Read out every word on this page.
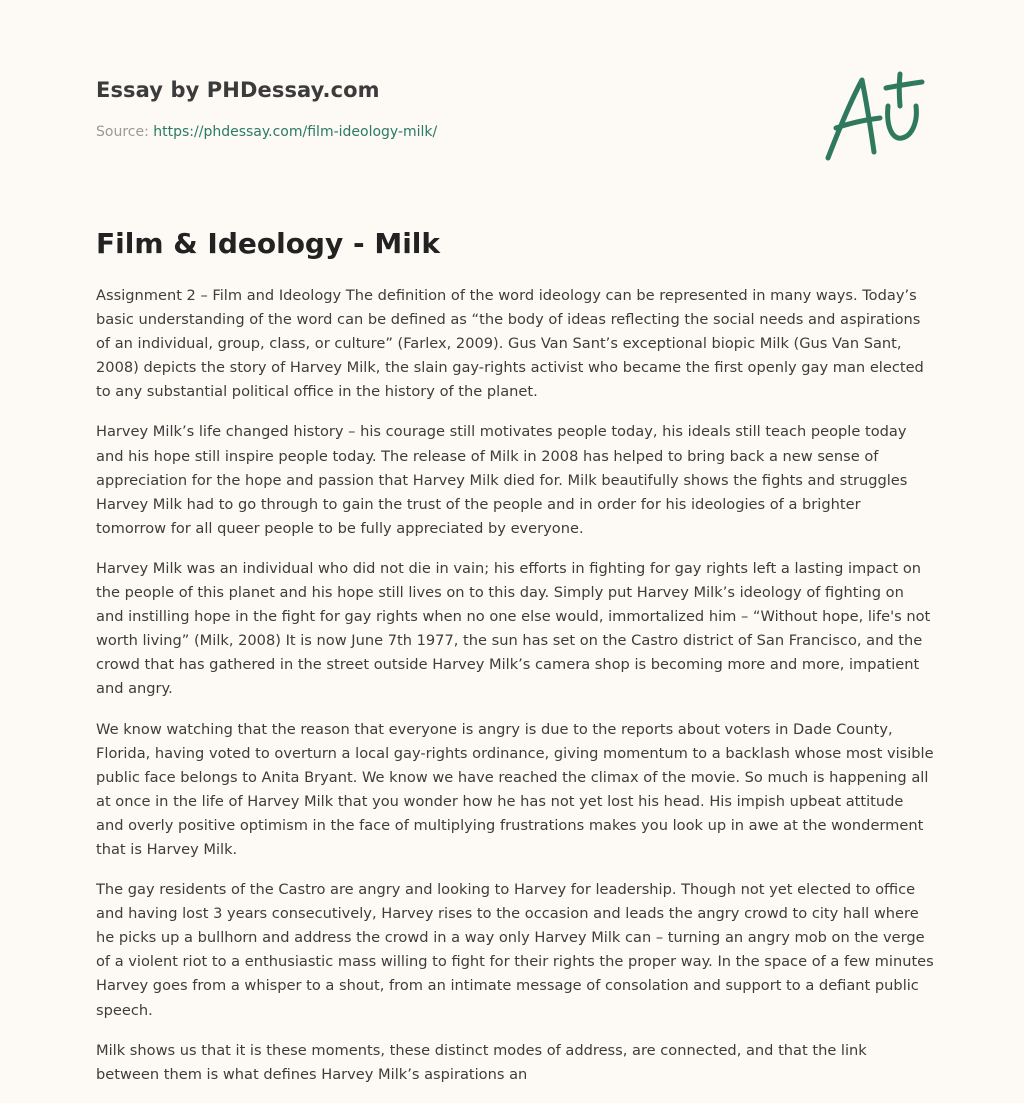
Essay by PHDessay.com
Source: https://phdessay.com/film-ideology-milk/
Film & Ideology - Milk

Assignment 2 – Film and Ideology The definition of the word ideology can be represented in many ways. Today’s basic understanding of the word can be defined as “the body of ideas reflecting the social needs and aspirations of an individual, group, class, or culture” (Farlex, 2009). Gus Van Sant’s exceptional biopic Milk (Gus Van Sant, 2008) depicts the story of Harvey Milk, the slain gay-rights activist who became the first openly gay man elected to any substantial political office in the history of the planet.

Harvey Milk’s life changed history – his courage still motivates people today, his ideals still teach people today and his hope still inspire people today. The release of Milk in 2008 has helped to bring back a new sense of appreciation for the hope and passion that Harvey Milk died for. Milk beautifully shows the fights and struggles Harvey Milk had to go through to gain the trust of the people and in order for his ideologies of a brighter tomorrow for all queer people to be fully appreciated by everyone.

Harvey Milk was an individual who did not die in vain; his efforts in fighting for gay rights left a lasting impact on the people of this planet and his hope still lives on to this day. Simply put Harvey Milk’s ideology of fighting on and instilling hope in the fight for gay rights when no one else would, immortalized him – “Without hope, life's not worth living” (Milk, 2008) It is now June 7th 1977, the sun has set on the Castro district of San Francisco, and the crowd that has gathered in the street outside Harvey Milk’s camera shop is becoming more and more, impatient and angry.

We know watching that the reason that everyone is angry is due to the reports about voters in Dade County, Florida, having voted to overturn a local gay-rights ordinance, giving momentum to a backlash whose most visible public face belongs to Anita Bryant. We know we have reached the climax of the movie. So much is happening all at once in the life of Harvey Milk that you wonder how he has not yet lost his head. His impish upbeat attitude and overly positive optimism in the face of multiplying frustrations makes you look up in awe at the wonderment that is Harvey Milk.

The gay residents of the Castro are angry and looking to Harvey for leadership. Though not yet elected to office and having lost 3 years consecutively, Harvey rises to the occasion and leads the angry crowd to city hall where he picks up a bullhorn and address the crowd in a way only Harvey Milk can – turning an angry mob on the verge of a violent riot to a enthusiastic mass willing to fight for their rights the proper way. In the space of a few minutes Harvey goes from a whisper to a shout, from an intimate message of consolation and support to a defiant public speech.

Milk shows us that it is these moments, these distinct modes of address, are connected, and that the link between them is what defines Harvey Milk’s aspirations an
